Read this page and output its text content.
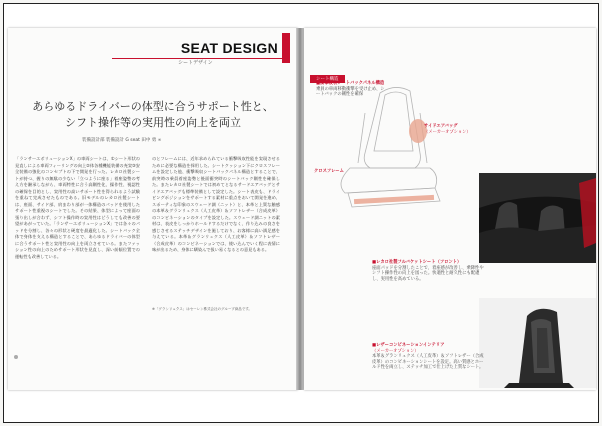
SEAT DESIGN
シートデザイン
あらゆるドライバーの体型に合うサポート性と、
シフト操作等の実用性の向上を両立
装備設計部 装備設計 G seat 田中 勇 ∞
「ランサーエボリューションX」の車両シートは、①シート形状の見直しによる車両フィーリングの向上②体各種機能装備の充実③安全装備の強化のコンセプトの下で開発を行った。レカロ社製シートが持つ、握りの無駄の少ない「立つように座る」着座姿勢の考え方を継承しながら、車両特性に合う高剛性化、操作性、視認性の確保を目的とし、実用性の高いサポート性を得られるよう試験を重ねて完成させたものである。旧モデルのレカロ社製シートは、座面、サイド部、肩まわり部が一体構造のパッドを使用したサポート性重視のシートでした。その結果、体型によって座面の張り出しが合わず、シフト操作時の実用性はどうしても改善の要望があがっていた。「ランサーエボリューションX」では各々のパッドを分割し、各々の形状と硬度を最適化した。シートバック全体で身体を支える構造とすることで、あらゆるドライバーの体型に合うサポート性と実用性の向上を両立させている。またファッション性の向上のためサポート形状を見直し、深い前傾位置での運転性も改善している。
のとフレームには、近年求められている衝撃吸収性能を実現させるために必要な構造を採用した。シートクッション下にクロスフレームを設定した他、衝撃吸収シートバックパネル構造とすることで、前突時の乗員着座姿勢と後面衝突時のシートバック剛性を確保した。またレカロ社製シートでは初めてとなるサードエアバッグとサイドエアバッグも標準装備として設定した。シート表皮も、ドライビングポジションをサポートする素材に重点をおいて開発を進め、スポーティな印象のスウェード調（ニット）と、本革と上質な触感の本革＆グランリュクス（人工皮革）＆ソフトレザー（合成皮革）のコンビネーションのタイプを設定した。スウェード調ニットの素材は、表皮をしっかりホールドするだけでなく、作り込みの良さを感じさせるステッチデザインを施しており、お客様に高い満足感を与えている。本革＆グランリュクス（人工皮革）＆ソフトレザー（合成皮革）のコンビネーションでは、使い込んでいく程に表情に味が出るため、身体に馴染んで扱い易くなるとの意見もある。
※「グランリュクス」はセーレン株式会社のグループ商品です。
シート構造
■衝撃吸収シートバックパネル構造
乗員の車両移動衝撃を受け止め、シートバックの剛性を確保
サイドエアバッグ
（メーカーオプション）
クロスフレーム
■レカロ社製フルバケットシート（フロント）
座面パッドを分割したことで、着座感が改善し、乗降性やシフト操作性の向上を図った。快適性と耐久性にも配慮し、実用性を高めている。
■レザーコンビネーションインテリア
（メーカーオプション）
本革＆グランリュクス（人工皮革）＆ソフトレザー（合成皮革）のコンビネーションシートを設定。高い質感とホールド性を両立し、ステッチ加工で仕上げた上質なシート。
